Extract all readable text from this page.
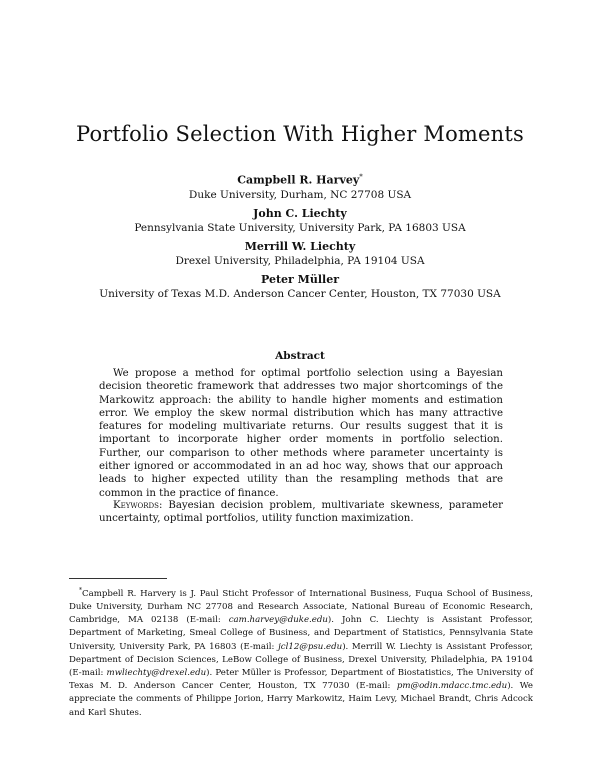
Portfolio Selection With Higher Moments
Campbell R. Harvey*
Duke University, Durham, NC 27708 USA
John C. Liechty
Pennsylvania State University, University Park, PA 16803 USA
Merrill W. Liechty
Drexel University, Philadelphia, PA 19104 USA
Peter Müller
University of Texas M.D. Anderson Cancer Center, Houston, TX 77030 USA
Abstract

We propose a method for optimal portfolio selection using a Bayesian decision theoretic framework that addresses two major shortcomings of the Markowitz approach: the ability to handle higher moments and estimation error. We employ the skew normal distribution which has many attractive features for modeling multivariate returns. Our results suggest that it is important to incorporate higher order moments in portfolio selection. Further, our comparison to other methods where parameter uncertainty is either ignored or accommodated in an ad hoc way, shows that our approach leads to higher expected utility than the resampling methods that are common in the practice of finance.

Keywords: Bayesian decision problem, multivariate skewness, parameter uncertainty, optimal portfolios, utility function maximization.

*Campbell R. Harvery is J. Paul Sticht Professor of International Business, Fuqua School of Business, Duke University, Durham NC 27708 and Research Associate, National Bureau of Economic Research, Cambridge, MA 02138 (E-mail: cam.harvey@duke.edu). John C. Liechty is Assistant Professor, Department of Marketing, Smeal College of Business, and Department of Statistics, Pennsylvania State University, University Park, PA 16803 (E-mail: jcl12@psu.edu). Merrill W. Liechty is Assistant Professor, Department of Decision Sciences, LeBow College of Business, Drexel University, Philadelphia, PA 19104 (E-mail: mwliechty@drexel.edu). Peter Müller is Professor, Department of Biostatistics, The University of Texas M. D. Anderson Cancer Center, Houston, TX 77030 (E-mail: pm@odin.mdacc.tmc.edu). We appreciate the comments of Philippe Jorion, Harry Markowitz, Haim Levy, Michael Brandt, Chris Adcock and Karl Shutes.
